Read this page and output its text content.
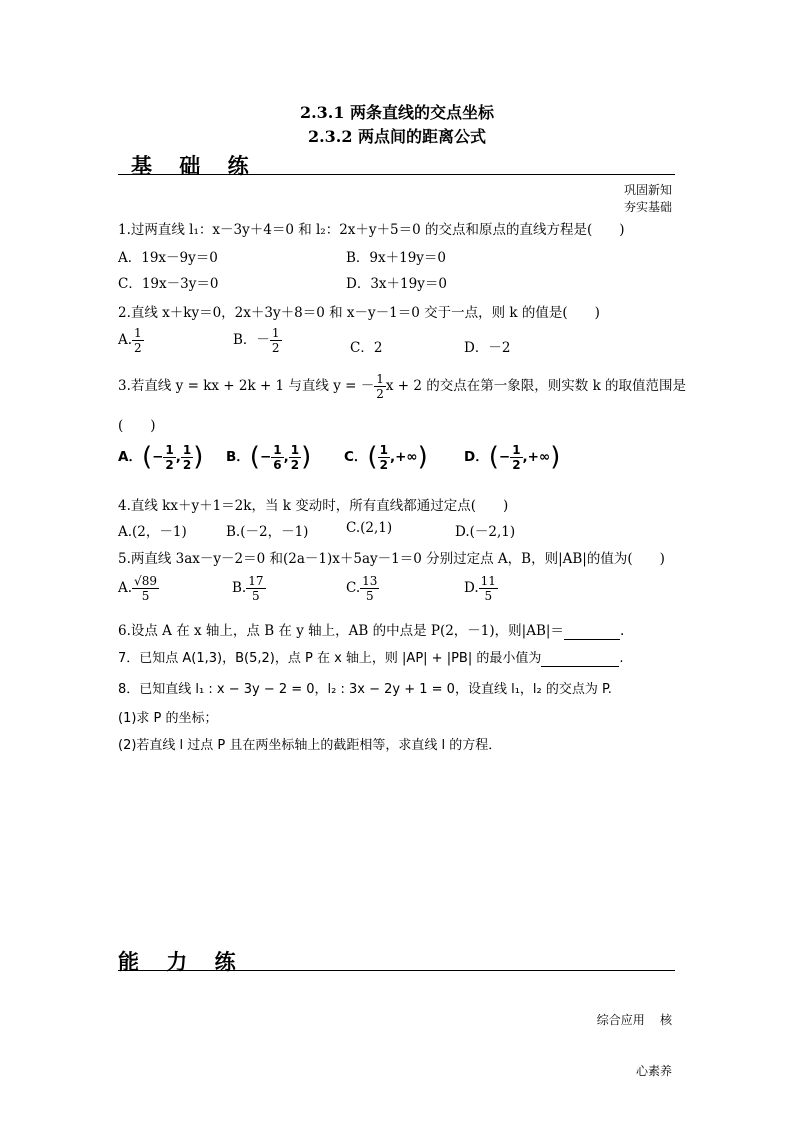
2.3.1 两条直线的交点坐标
2.3.2 两点间的距离公式
基 础 练
巩固新知
夯实基础
1.过两直线 l₁：x－3y＋4＝0 和 l₂：2x＋y＋5＝0 的交点和原点的直线方程是(　　)
A．19x－9y＝0	B．9x＋19y＝0
C．19x－3y＝0	D．3x＋19y＝0
2.直线 x＋ky＝0，2x＋3y＋8＝0 和 x－y－1＝0 交于一点，则 k 的值是(　　)
A. $\frac{1}{2}$	B．－ $\frac{1}{2}$	C．2	D．－2
3.若直线 y = kx + 2k + 1 与直线 y = － $\frac{1}{2}$ x + 2 的交点在第一象限，则实数 k 的取值范围是
(　　)
A．(− $\frac{1}{2}$ , $\frac{1}{2}$ ) B．(− $\frac{1}{6}$ , $\frac{1}{2}$ ) C．( $\frac{1}{2}$ ,+∞)	D．(− $\frac{1}{2}$ ,+∞)
4.直线 kx＋y＋1＝2k，当 k 变动时，所有直线都通过定点(　　)
A.(2，－1)	B.(－2，－1)	C.(2,1)	D.(－2,1)
5.两直线 3ax－y－2＝0 和(2a－1)x＋5ay－1＝0 分别过定点 A，B，则|AB|的值为(　　)
A. $\frac{√89}{5}$	B. $\frac{17}{5}$	C. $\frac{13}{5}$	D. $\frac{11}{5}$
6.设点 A 在 x 轴上，点 B 在 y 轴上，AB 的中点是 P(2，－1)，则|AB|＝	.
7．已知点 A(1,3)，B(5,2)，点 P 在 x 轴上，则 |AP| + |PB| 的最小值为	.
8．已知直线 l₁ : x − 3y − 2 = 0，l₂ : 3x − 2y + 1 = 0，设直线 l₁，l₂ 的交点为 P.
(1)求 P 的坐标；
(2)若直线 l 过点 P 且在两坐标轴上的截距相等，求直线 l 的方程．
能 力 练

综合应用    核

心素养
